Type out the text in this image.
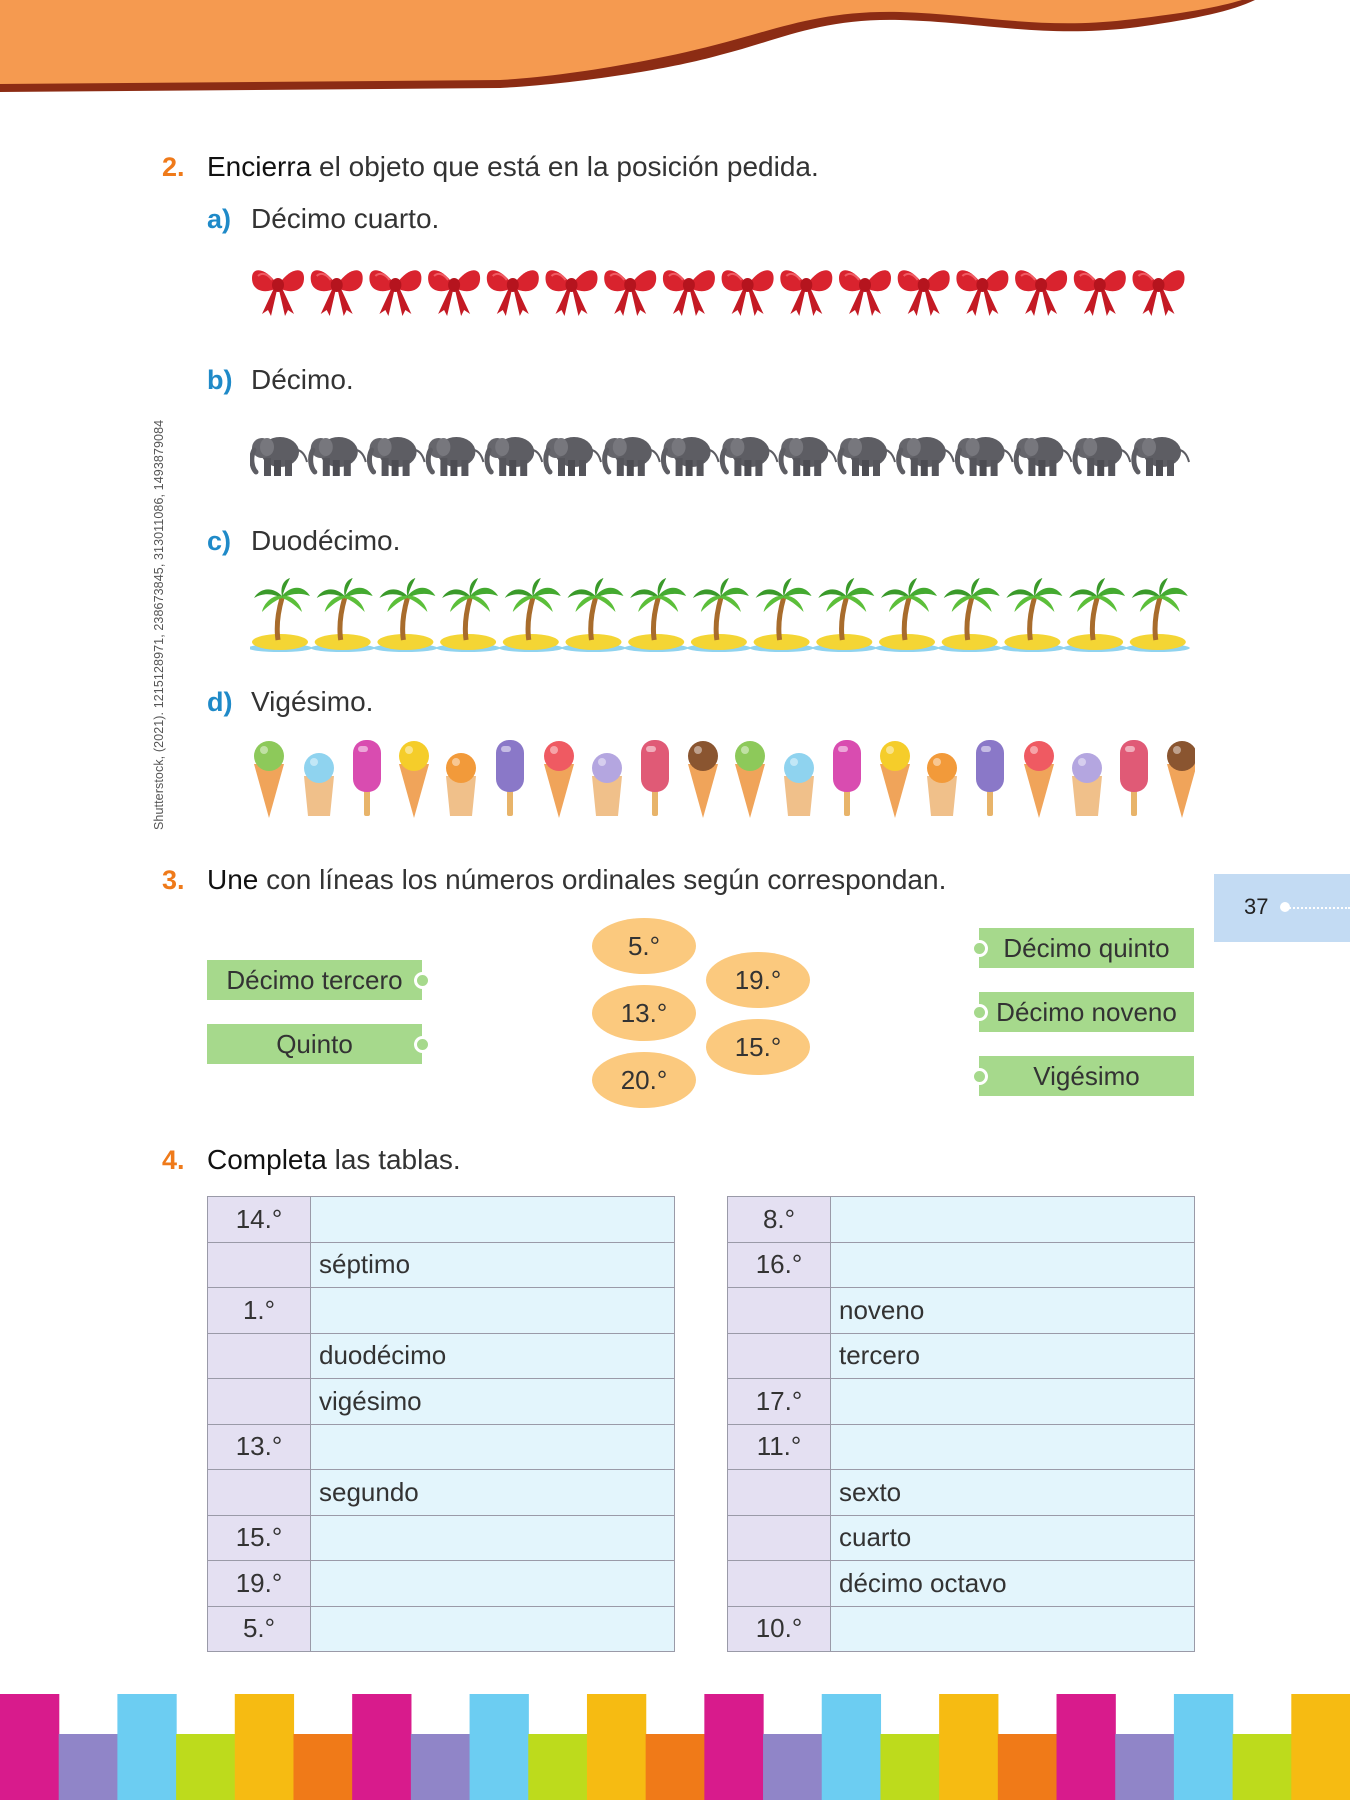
Shutterstock, (2021). 1215128971, 238673845, 313011086, 1493879084
37
2. Encierra el objeto que está en la posición pedida.
a) Décimo cuarto.
b) Décimo.
c) Duodécimo.
d) Vigésimo.
3. Une con líneas los números ordinales según correspondan.
Décimo tercero
Quinto
5.°
13.°
20.°
19.°
15.°
Décimo quinto
Décimo noveno
Vigésimo
4. Completa las tablas.
14.°	
	séptimo
1.°	
	duodécimo
	vigésimo
13.°	
	segundo
15.°	
19.°	
5.°	
8.°	
16.°	
	noveno
	tercero
17.°	
11.°	
	sexto
	cuarto
	décimo octavo
10.°	
